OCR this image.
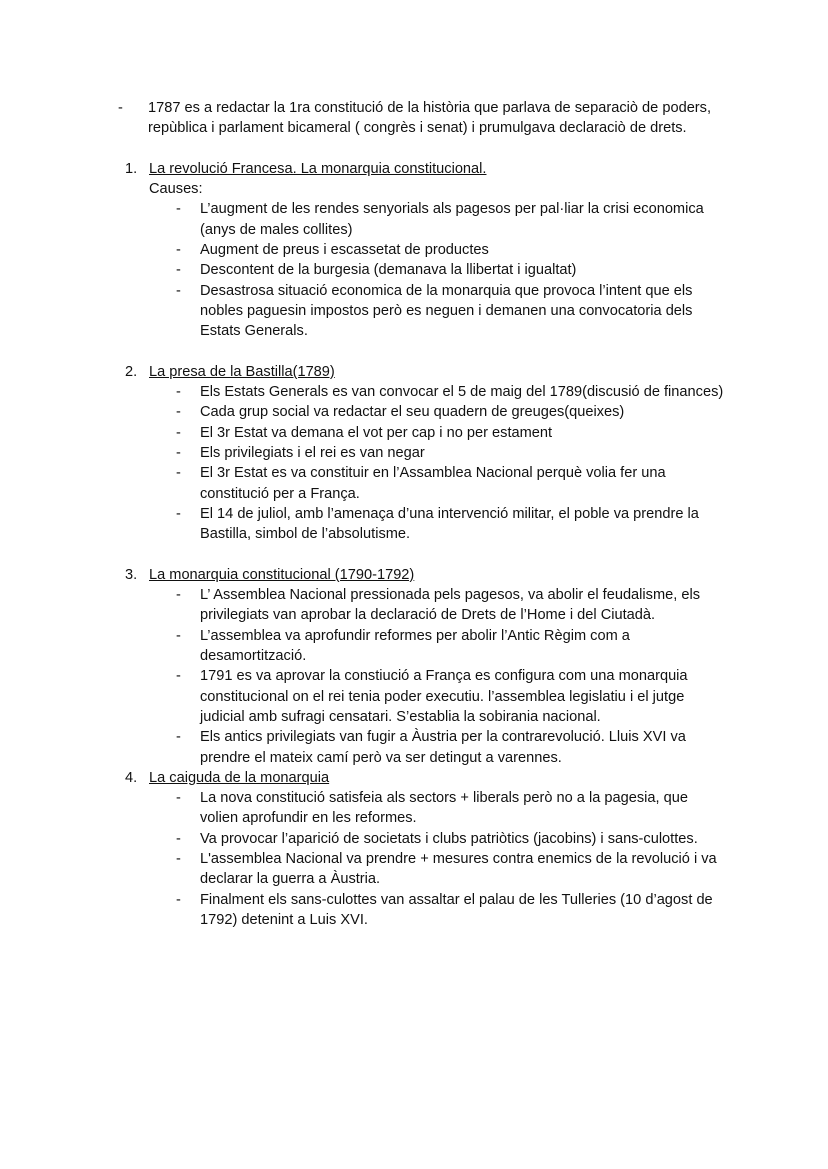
- 1787 es a redactar la 1ra constitució de la història que parlava de separaciò de poders, repùblica i parlament bicameral ( congrès i senat) i prumulgava declaraciò de drets.
1. La revolució Francesa. La monarquia constitucional.
Causes:
- L’augment de les rendes senyorials als pagesos per pal·liar la crisi economica (anys de males collites)
- Augment de preus i escassetat de productes
- Descontent de la burgesia (demanava la llibertat i igualtat)
- Desastrosa situació economica de la monarquia que provoca l’intent que els nobles paguesin impostos però es neguen i demanen una convocatoria dels Estats Generals.
2. La presa de la Bastilla(1789)
- Els Estats Generals es van convocar el 5 de maig del 1789(discusió de finances)
- Cada grup social va redactar el seu quadern de greuges(queixes)
- El 3r Estat va demana el vot per cap i no per estament
- Els privilegiats i el rei es van negar
- El 3r Estat es va constituir en l’Assamblea Nacional perquè volia fer una constitució per a França.
- El 14 de juliol, amb l’amenaça d’una intervenció militar, el poble va prendre la Bastilla, simbol de l’absolutisme.
3. La monarquia constitucional (1790-1792)
- L’ Assemblea Nacional pressionada pels pagesos, va abolir el feudalisme, els privilegiats van aprobar la declaració de Drets de l’Home i del Ciutadà.
- L’assemblea va aprofundir reformes per abolir l’Antic Règim com a desamortització.
- 1791 es va aprovar la constiució a França es configura com una monarquia constitucional on el rei tenia poder executiu. l’assemblea legislatiu i el jutge judicial amb sufragi censatari. S’establia la sobirania nacional.
- Els antics privilegiats van fugir a Àustria per la contrarevolució. Lluis XVI va prendre el mateix camí però va ser detingut a varennes.
4. La caiguda de la monarquia
- La nova constitució satisfeia als sectors + liberals però no a la pagesia, que volien aprofundir en les reformes.
- Va provocar l’aparició de societats i clubs patriòtics (jacobins) i sans-culottes.
- L'assemblea Nacional va prendre + mesures contra enemics de la revolució i va declarar la guerra a Àustria.
- Finalment els sans-culottes van assaltar el palau de les Tulleries (10 d’agost de 1792) detenint a Luis XVI.
